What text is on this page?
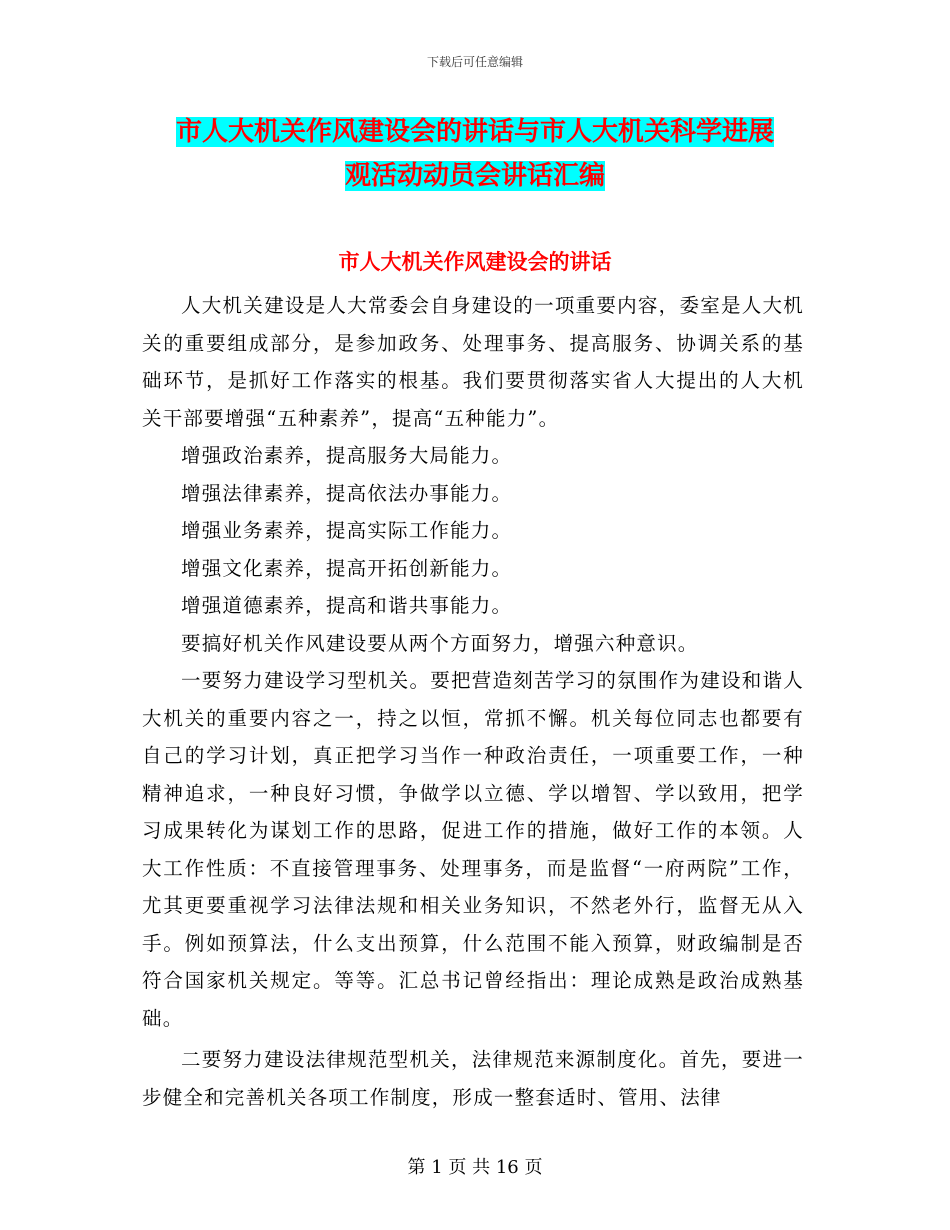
下载后可任意编辑
市人大机关作风建设会的讲话与市人大机关科学进展
观活动动员会讲话汇编
市人大机关作风建设会的讲话

人大机关建设是人大常委会自身建设的一项重要内容，委室是人大机关的重要组成部分，是参加政务、处理事务、提高服务、协调关系的基础环节，是抓好工作落实的根基。我们要贯彻落实省人大提出的人大机关干部要增强“五种素养”，提高“五种能力”。

增强政治素养，提高服务大局能力。

增强法律素养，提高依法办事能力。

增强业务素养，提高实际工作能力。

增强文化素养，提高开拓创新能力。

增强道德素养，提高和谐共事能力。

要搞好机关作风建设要从两个方面努力，增强六种意识。

一要努力建设学习型机关。要把营造刻苦学习的氛围作为建设和谐人大机关的重要内容之一，持之以恒，常抓不懈。机关每位同志也都要有自己的学习计划，真正把学习当作一种政治责任，一项重要工作，一种精神追求，一种良好习惯，争做学以立德、学以增智、学以致用，把学习成果转化为谋划工作的思路，促进工作的措施，做好工作的本领。人大工作性质：不直接管理事务、处理事务，而是监督“一府两院”工作，尤其更要重视学习法律法规和相关业务知识，不然老外行，监督无从入手。例如预算法，什么支出预算，什么范围不能入预算，财政编制是否符合国家机关规定。等等。汇总书记曾经指出：理论成熟是政治成熟基础。

二要努力建设法律规范型机关，法律规范来源制度化。首先，要进一步健全和完善机关各项工作制度，形成一整套适时、管用、法律

第 1 页 共 16 页
